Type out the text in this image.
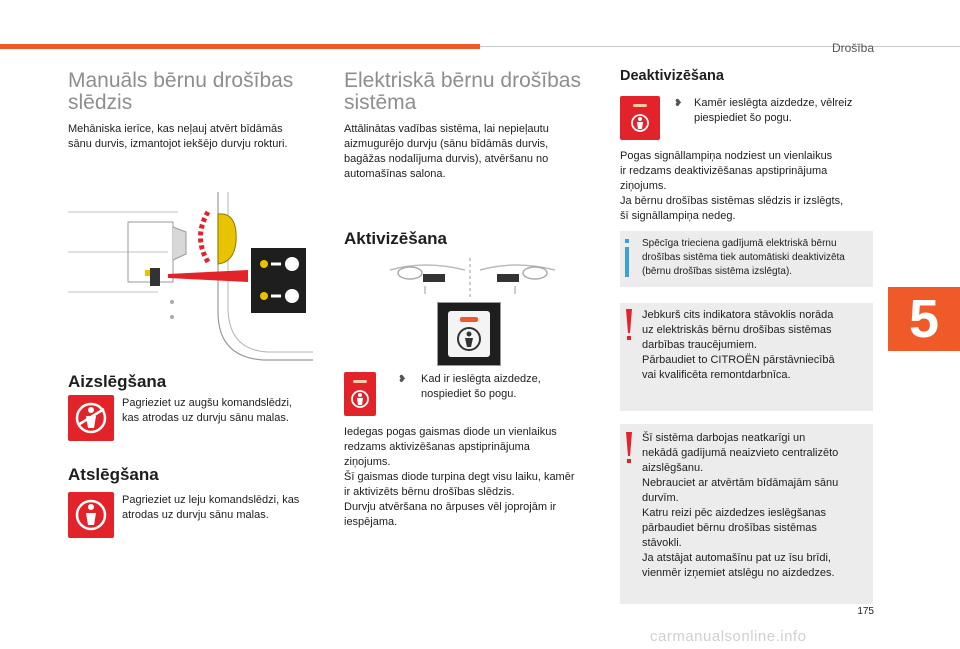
Drošība
Manuāls bērnu drošības
slēdzis

Mehāniska ierīce, kas neļauj atvērt bīdāmās
sānu durvis, izmantojot iekšējo durvju rokturi.

Aizslēgšana

Pagrieziet uz augšu komandslēdzi,
kas atrodas uz durvju sānu malas.

Atslēgšana

Pagrieziet uz leju komandslēdzi, kas
atrodas uz durvju sānu malas.

Elektriskā bērnu drošības
sistēma

Attālinātas vadības sistēma, lai nepieļautu
aizmugurējo durvju (sānu bīdāmās durvis,
bagāžas nodalījuma durvis), atvēršanu no
automašīnas salona.

Aktivizēšana
❥ Kad ir ieslēgta aizdedze,
nospiediet šo pogu.

Iedegas pogas gaismas diode un vienlaikus
redzams aktivizēšanas apstiprinājuma
ziņojums.
Šī gaismas diode turpina degt visu laiku, kamēr
ir aktivizēts bērnu drošības slēdzis.
Durvju atvēršana no ārpuses vēl joprojām ir
iespējama.

Deaktivizēšana
❥ Kamēr ieslēgta aizdedze, vēlreiz
piespiediet šo pogu.

Pogas signāllampiņa nodziest un vienlaikus
ir redzams deaktivizēšanas apstiprinājuma
ziņojums.
Ja bērnu drošības sistēmas slēdzis ir izslēgts,
šī signāllampiņa nedeg.

Spēcīga trieciena gadījumā elektriskā bērnu
drošības sistēma tiek automātiski deaktivizēta
(bērnu drošības sistēma izslēgta).

Jebkurš cits indikatora stāvoklis norāda
uz elektriskās bērnu drošības sistēmas
darbības traucējumiem.
Pārbaudiet to CITROËN pārstāvniecībā
vai kvalificēta remontdarbnīca.

Šī sistēma darbojas neatkarīgi un
nekādā gadījumā neaizvieto centralizēto
aizslēgšanu.
Nebrauciet ar atvērtām bīdāmajām sānu
durvīm.
Katru reizi pēc aizdedzes ieslēgšanas
pārbaudiet bērnu drošības sistēmas
stāvokli.
Ja atstājat automašīnu pat uz īsu brīdi,
vienmēr izņemiet atslēgu no aizdedzes.

5
175
carmanualsonline.info
